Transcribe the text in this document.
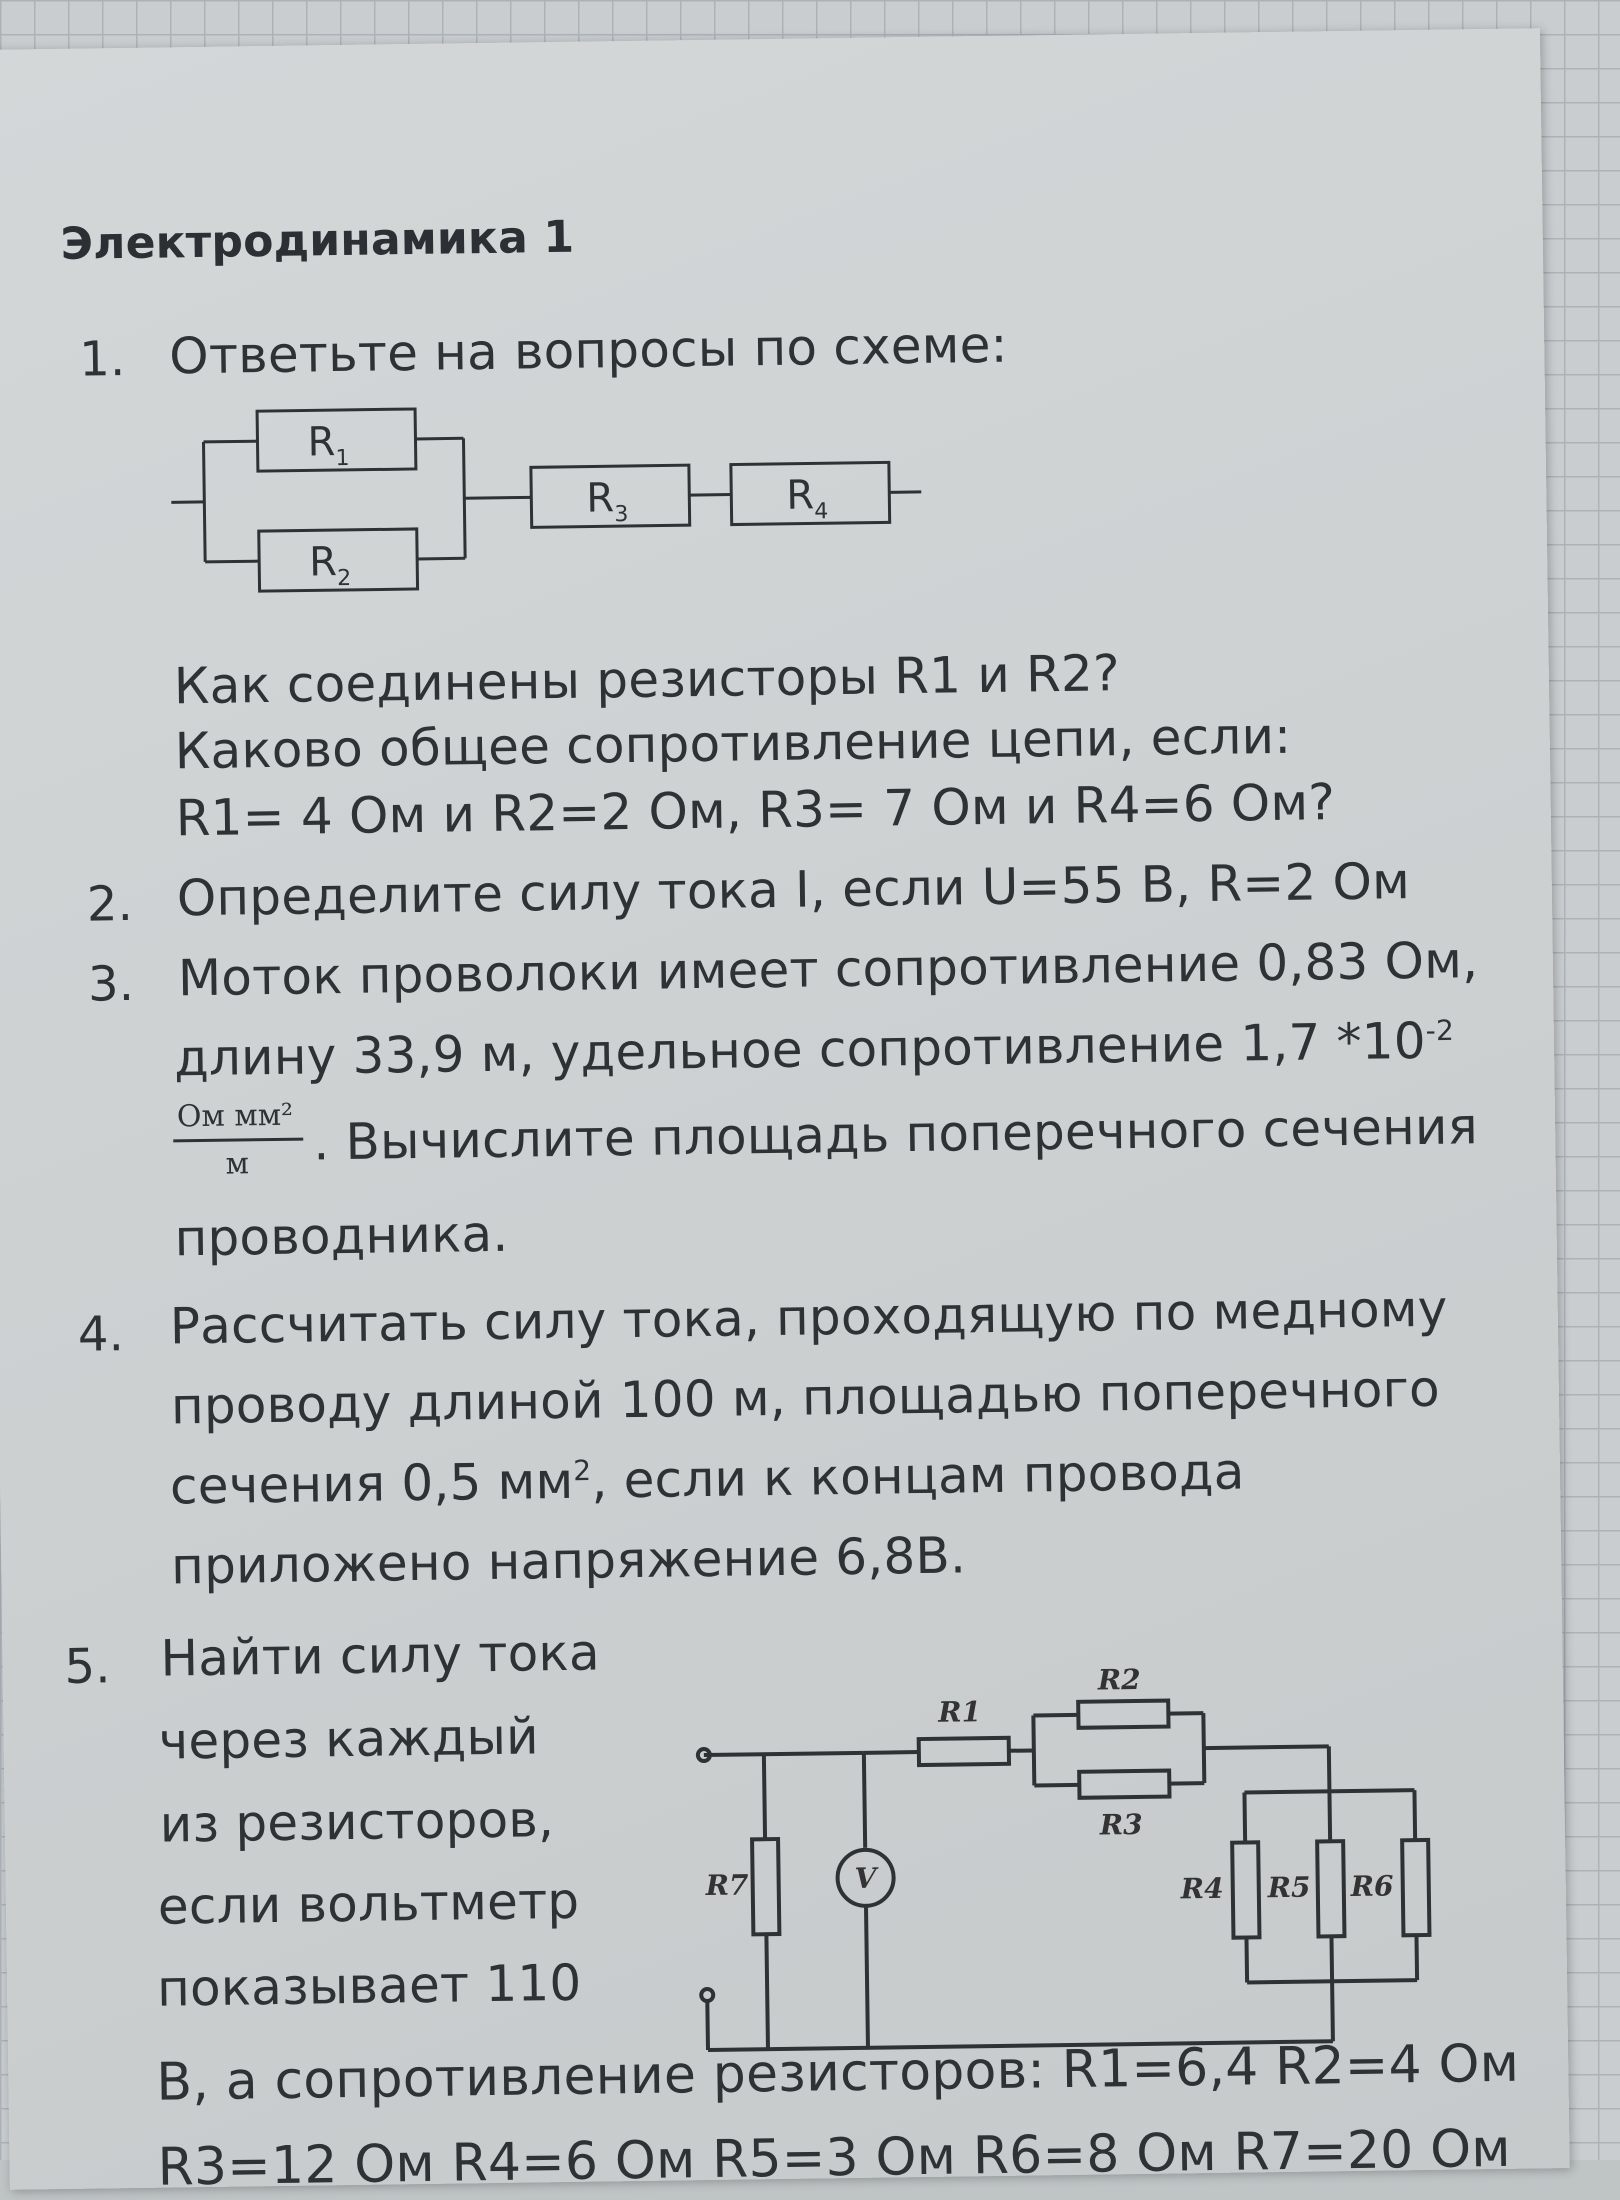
Электродинамика 1
1. Ответьте на вопросы по схеме:
$R_1$
$R_2$
$R_3$	$R_4$
R1
R2
R3
R4 R5 R6
R7	V
Как соединены резисторы R1 и R2?
Каково общее сопротивление цепи, если:
R1= 4 Ом и R2=2 Ом, R3= 7 Ом и R4=6 Ом?
2. Определите силу тока I, если U=55 В, R=2 Ом
3. Моток проволоки имеет сопротивление 0,83 Ом,
длину 33,9 м, удельное сопротивление 1,7 $*10^{-2}$
Ом мм²
м . Вычислите площадь поперечного сечения
проводника.
4. Рассчитать силу тока, проходящую по медному
проводу длиной 100 м, площадью поперечного
сечения 0,5 $мм^2$, если к концам провода
приложено напряжение 6,8В.
5. Найти силу тока
через каждый
из резисторов,
если вольтметр
показывает 110
В, а сопротивление резисторов: R1=6,4 R2=4 Ом
R3=12 Ом R4=6 Ом R5=3 Ом R6=8 Ом R7=20 Ом
